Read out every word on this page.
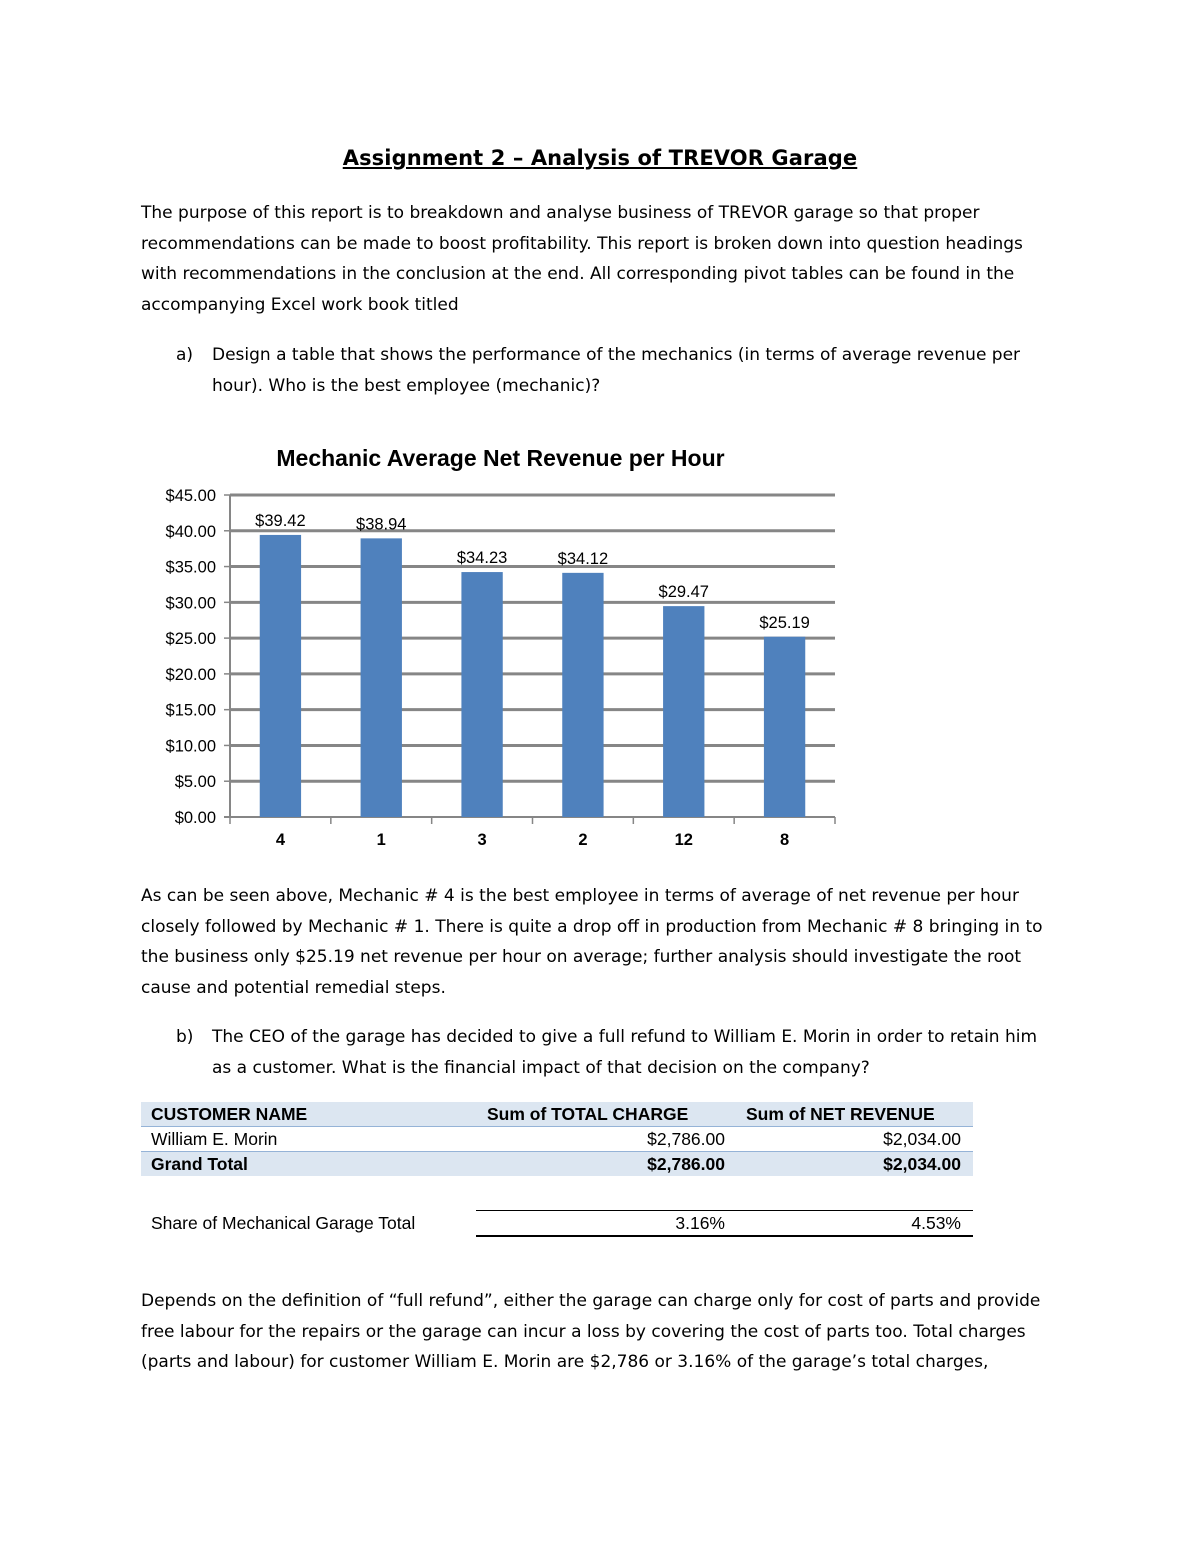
Assignment 2 – Analysis of TREVOR Garage
The purpose of this report is to breakdown and analyse business of TREVOR garage so that proper recommendations can be made to boost profitability. This report is broken down into question headings with recommendations in the conclusion at the end. All corresponding pivot tables can be found in the accompanying Excel work book titled
a) Design a table that shows the performance of the mechanics (in terms of average revenue per hour). Who is the best employee (mechanic)?
Mechanic Average Net Revenue per Hour
$0.00
$5.00
$10.00
$15.00
$20.00
$25.00
$30.00
$35.00
$40.00
$45.00
$39.42
4
$38.94
1
$34.23
3
$34.12
2
$29.47
12
$25.19
8
As can be seen above, Mechanic # 4 is the best employee in terms of average of net revenue per hour closely followed by Mechanic # 1. There is quite a drop off in production from Mechanic # 8 bringing in to the business only $25.19 net revenue per hour on average; further analysis should investigate the root cause and potential remedial steps.
b) The CEO of the garage has decided to give a full refund to William E. Morin in order to retain him as a customer. What is the financial impact of that decision on the company?
CUSTOMER NAME	Sum of TOTAL CHARGE	Sum of NET REVENUE
William E. Morin	$2,786.00	$2,034.00
Grand Total	$2,786.00	$2,034.00
Share of Mechanical Garage Total	3.16%	4.53%
Depends on the definition of “full refund”, either the garage can charge only for cost of parts and provide free labour for the repairs or the garage can incur a loss by covering the cost of parts too. Total charges (parts and labour) for customer William E. Morin are $2,786 or 3.16% of the garage’s total charges,
